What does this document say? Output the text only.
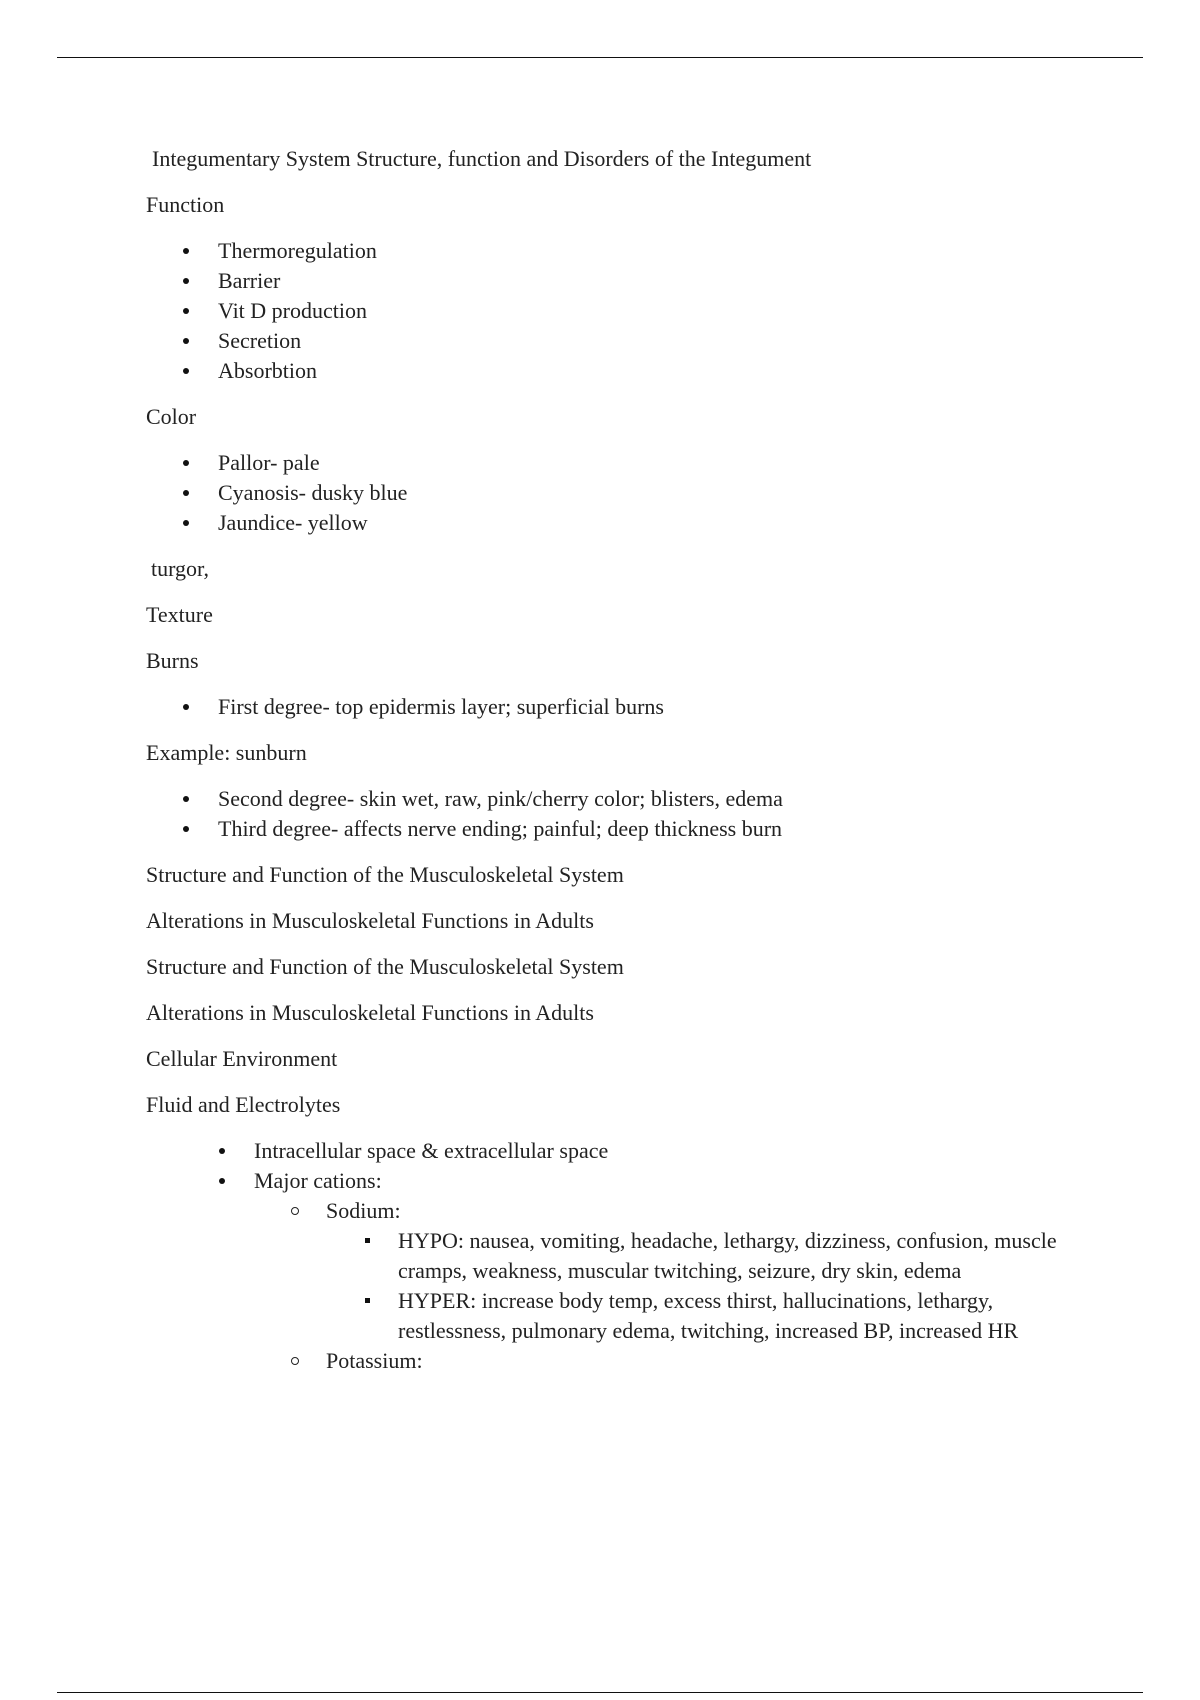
Integumentary System Structure, function and Disorders of the Integument

Function

Thermoregulation
Barrier
Vit D production
Secretion
Absorbtion

Color

Pallor- pale
Cyanosis- dusky blue
Jaundice- yellow

turgor,

Texture

Burns

First degree- top epidermis layer; superficial burns

Example: sunburn

Second degree- skin wet, raw, pink/cherry color; blisters, edema
Third degree- affects nerve ending; painful; deep thickness burn

Structure and Function of the Musculoskeletal System

Alterations in Musculoskeletal Functions in Adults

Structure and Function of the Musculoskeletal System

Alterations in Musculoskeletal Functions in Adults

Cellular Environment

Fluid and Electrolytes

Intracellular space & extracellular space
Major cations:
Sodium:
HYPO: nausea, vomiting, headache, lethargy, dizziness, confusion, muscle cramps, weakness, muscular twitching, seizure, dry skin, edema
HYPER: increase body temp, excess thirst, hallucinations, lethargy, restlessness, pulmonary edema, twitching, increased BP, increased HR
Potassium:
